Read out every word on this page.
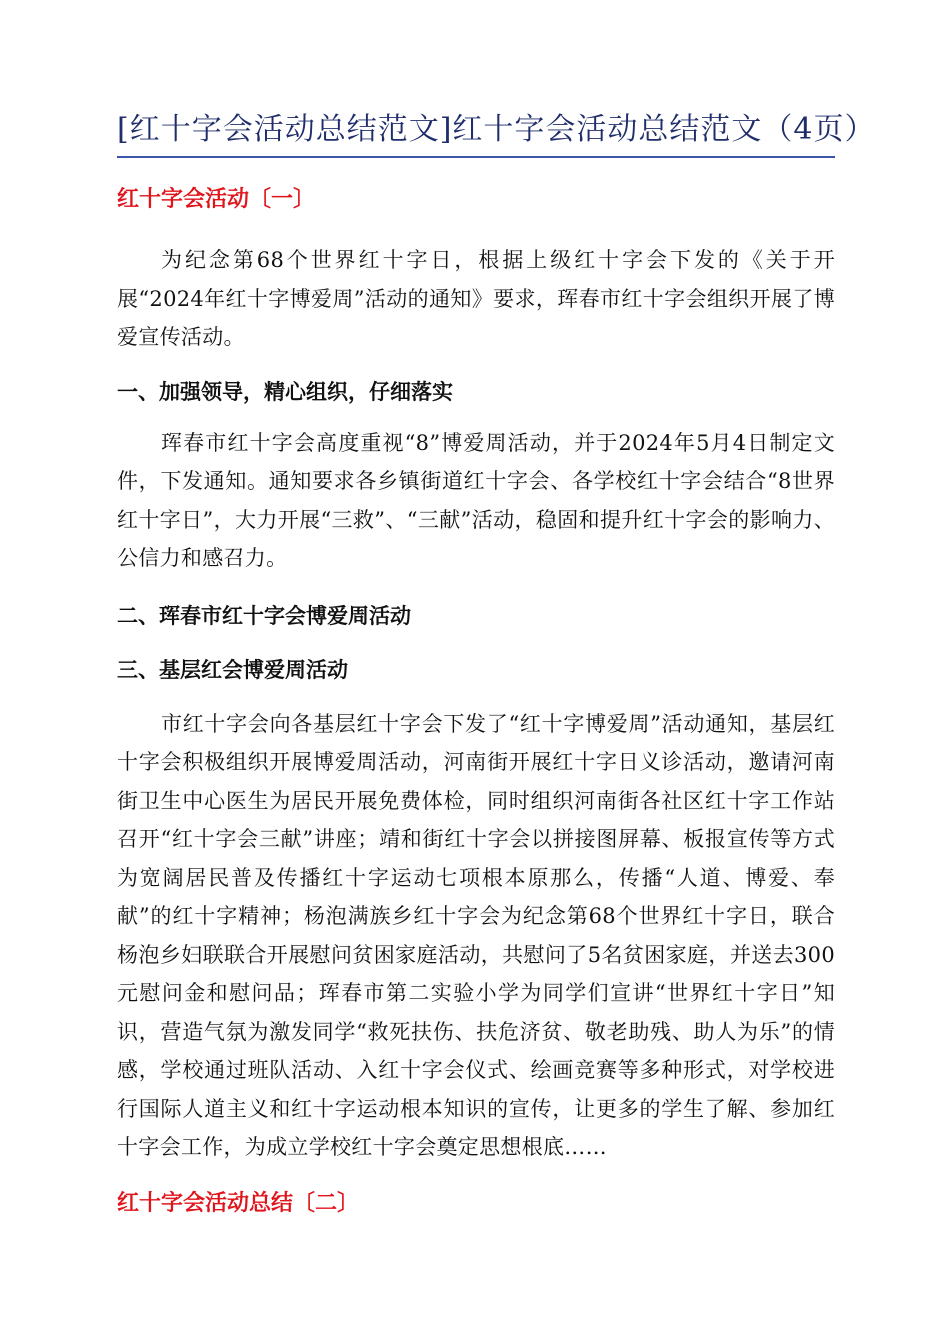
[红十字会活动总结范文]红十字会活动总结范文（4页）
红十字会活动〔一〕

为纪念第68个世界红十字日，根据上级红十字会下发的《关于开展“2024年红十字博爱周”活动的通知》要求，珲春市红十字会组织开展了博爱宣传活动。

一、加强领导，精心组织，仔细落实

珲春市红十字会高度重视“8”博爱周活动，并于2024年5月4日制定文件，下发通知。通知要求各乡镇街道红十字会、各学校红十字会结合“8世界红十字日”，大力开展“三救”、“三献”活动，稳固和提升红十字会的影响力、公信力和感召力。

二、珲春市红十字会博爱周活动
三、基层红会博爱周活动

市红十字会向各基层红十字会下发了“红十字博爱周”活动通知，基层红十字会积极组织开展博爱周活动，河南街开展红十字日义诊活动，邀请河南街卫生中心医生为居民开展免费体检，同时组织河南街各社区红十字工作站召开“红十字会三献”讲座；靖和街红十字会以拼接图屏幕、板报宣传等方式为宽阔居民普及传播红十字运动七项根本原那么，传播“人道、博爱、奉献”的红十字精神；杨泡满族乡红十字会为纪念第68个世界红十字日，联合杨泡乡妇联联合开展慰问贫困家庭活动，共慰问了5名贫困家庭，并送去300元慰问金和慰问品；珲春市第二实验小学为同学们宣讲“世界红十字日”知识，营造气氛为激发同学“救死扶伤、扶危济贫、敬老助残、助人为乐”的情感，学校通过班队活动、入红十字会仪式、绘画竞赛等多种形式，对学校进行国际人道主义和红十字运动根本知识的宣传，让更多的学生了解、参加红十字会工作，为成立学校红十字会奠定思想根底……

红十字会活动总结〔二〕
